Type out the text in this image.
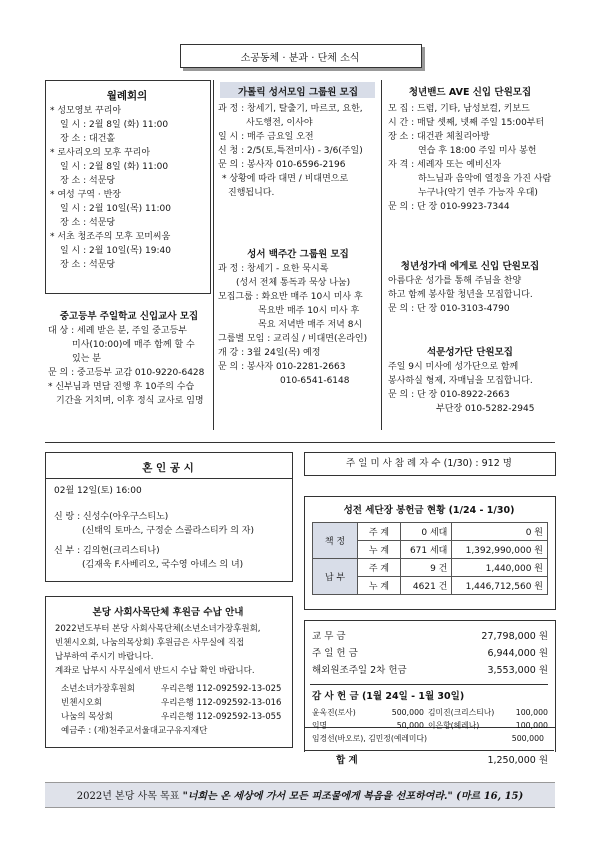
소공동체 · 분과 · 단체 소식
월례회의
* 성모영보 꾸리아
일 시 : 2월 8일 (화) 11:00
장 소 : 대건홀
* 로사리오의 모후 꾸리아
일 시 : 2월 8일 (화) 11:00
장 소 : 석문당
* 여성 구역 · 반장
일 시 : 2월 10일(목) 11:00
장 소 : 석문당
* 서초 청조주의 모후 꼬미씨움
일 시 : 2월 10일(목) 19:40
장 소 : 석문당
중고등부 주일학교 신입교사 모집
대 상 : 세례 받은 분, 주일 중고등부
미사(10:00)에 매주 함께 할 수
있는 분
문 의 : 중고등부 교감 010-9220-6428
* 신부님과 면담 진행 후 10주의 수습
기간을 거치며, 이후 정식 교사로 임명
가톨릭 성서모임 그룹원 모집
과 정 : 창세기, 탈출기, 마르코, 요한,
사도행전, 이사야
일 시 : 매주 금요일 오전
신 청 : 2/5(토,특전미사) - 3/6(주일)
문 의 : 봉사자 010-6596-2196
* 상황에 따라 대면 / 비대면으로
진행됩니다.
성서 백주간 그룹원 모집
과 정 : 창세기 - 요한 묵시록
(성서 전체 통독과 묵상 나눔)
모집그룹 : 화요반 매주 10시 미사 후
목요반 매주 10시 미사 후
목요 저녁반 매주 저녁 8시
그룹별 모임 : 교리실 / 비대면(온라인)
개 강 : 3월 24일(목) 예정
문 의 : 봉사자 010-2281-2663
010-6541-6148
청년밴드 AVE 신입 단원모집
모 집 : 드럼, 기타, 남성보컬, 키보드
시 간 : 매달 셋째, 넷째 주일 15:00부터
장 소 : 대건관 체칠리아방
연습 후 18:00 주일 미사 봉헌
자 격 : 세례자 또는 예비신자
하느님과 음악에 열정을 가진 사람
누구나(악기 연주 가능자 우대)
문 의 : 단 장 010-9923-7344
청년성가대 에게로 신입 단원모집
아름다운 성가를 통해 주님을 찬양
하고 함께 봉사할 청년을 모집합니다.
문 의 : 단 장 010-3103-4790
석문성가단 단원모집
주일 9시 미사에 성가단으로 함께
봉사하실 형제, 자매님을 모집합니다.
문 의 : 단 장 010-8922-2663
부단장 010-5282-2945
혼 인 공 시
02월 12일(토) 16:00
신 랑 : 신성수(아우구스티노)
(신태익 토마스, 구정순 스콜라스티카 의 자)
신 부 : 김의현(크리스티나)
(김재욱 F.사베리오, 국수영 아녜스 의 녀)
본당 사회사목단체 후원금 수납 안내
2022년도부터 본당 사회사목단체(소년소녀가장후원회,
빈첸시오회, 나눔의목상회) 후원금은 사무실에 직접
납부하여 주시기 바랍니다.
계좌로 납부시 사무실에서 반드시 수납 확인 바랍니다.
소년소녀가장후원회	우리은행 112-092592-13-025
빈첸시오회	우리은행 112-092592-13-016
나눔의 목상회	우리은행 112-092592-13-055
예금주 : (재)천주교서울대교구유지재단
주 일 미 사 참 례 자 수 (1/30) : 912 명
성전 세단장 봉헌금 현황 (1/24 - 1/30)
책 정	주 계	0 세대	0 원
	누 계	671 세대	1,392,990,000 원
납 부	주 계	9 건	1,440,000 원
	누 계	4621 건	1,446,712,560 원
교 무 금	27,798,000 원
주 일 헌 금	6,944,000 원
해외원조주일 2차 헌금	3,553,000 원
감 사 헌 금 (1월 24일 - 1월 30일)
윤욱진(로사)	500,000 김미진(크리스티나)	100,000
익명	50,000 이은향(헤레나)	100,000
임경선(바오로), 김민정(예레미다)	500,000
합 계	1,250,000 원
2022년 본당 사목 목표 "너희는 온 세상에 가서 모든 피조물에게 복음을 선포하여라." (마르 16, 15)
